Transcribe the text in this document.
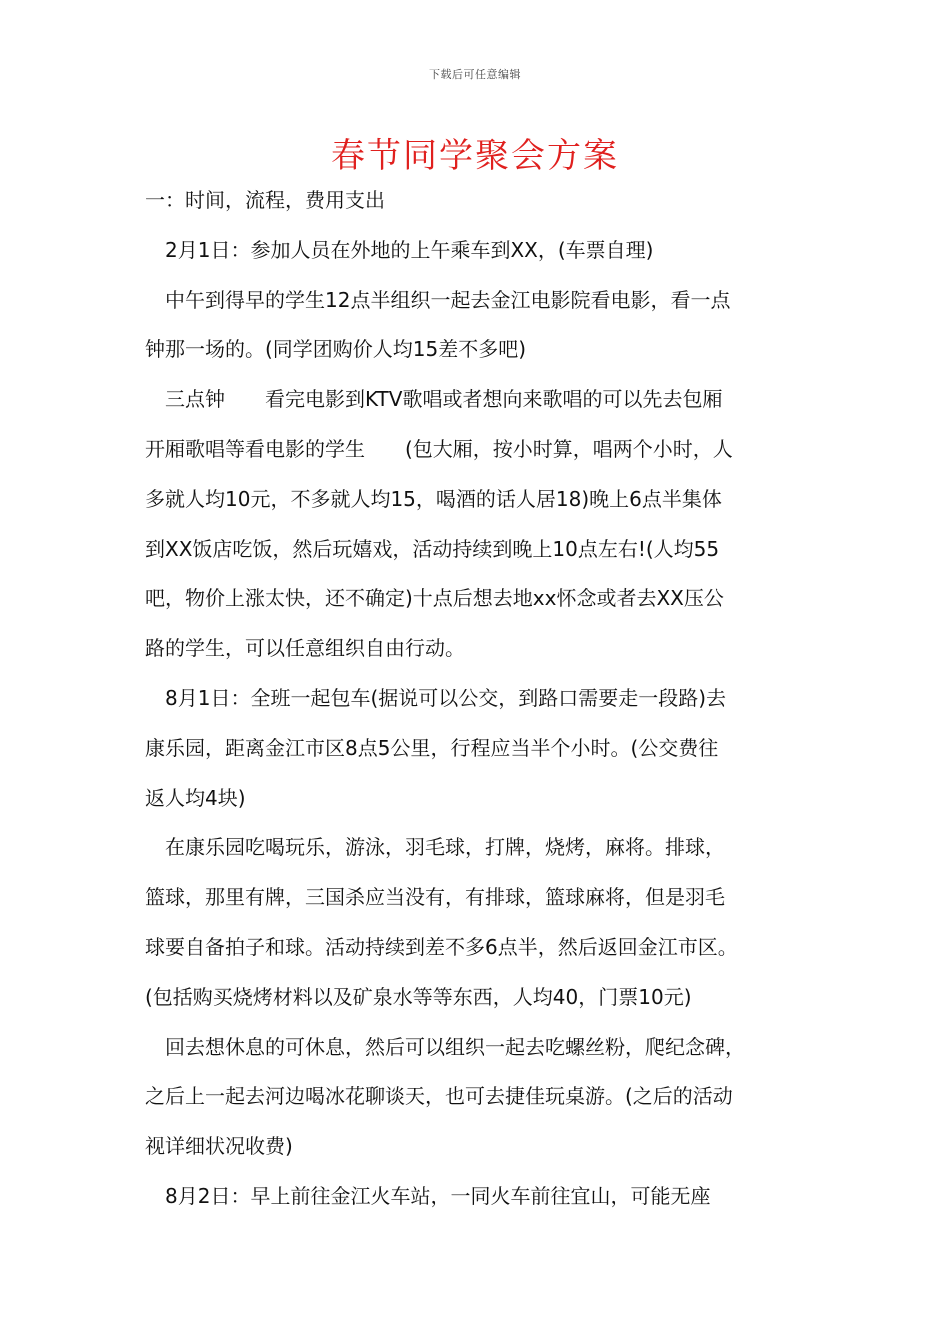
下载后可任意编辑
春节同学聚会方案

一：时间，流程，费用支出

2月1日：参加人员在外地的上午乘车到XX，(车票自理)

中午到得早的学生12点半组织一起去金江电影院看电影，看一点

钟那一场的。(同学团购价人均15差不多吧)

三点钟　　看完电影到KTV歌唱或者想向来歌唱的可以先去包厢

开厢歌唱等看电影的学生　　(包大厢，按小时算，唱两个小时，人

多就人均10元，不多就人均15，喝酒的话人居18)晚上6点半集体

到XX饭店吃饭，然后玩嬉戏，活动持续到晚上10点左右!(人均55

吧，物价上涨太快，还不确定)十点后想去地xx怀念或者去XX压公

路的学生，可以任意组织自由行动。

8月1日：全班一起包车(据说可以公交，到路口需要走一段路)去

康乐园，距离金江市区8点5公里，行程应当半个小时。(公交费往

返人均4块)

在康乐园吃喝玩乐，游泳，羽毛球，打牌，烧烤，麻将。排球，

篮球，那里有牌，三国杀应当没有，有排球，篮球麻将，但是羽毛

球要自备拍子和球。活动持续到差不多6点半，然后返回金江市区。

(包括购买烧烤材料以及矿泉水等等东西，人均40，门票10元)

回去想休息的可休息，然后可以组织一起去吃螺丝粉，爬纪念碑，

之后上一起去河边喝冰花聊谈天，也可去捷佳玩桌游。(之后的活动

视详细状况收费)

8月2日：早上前往金江火车站，一同火车前往宜山，可能无座
